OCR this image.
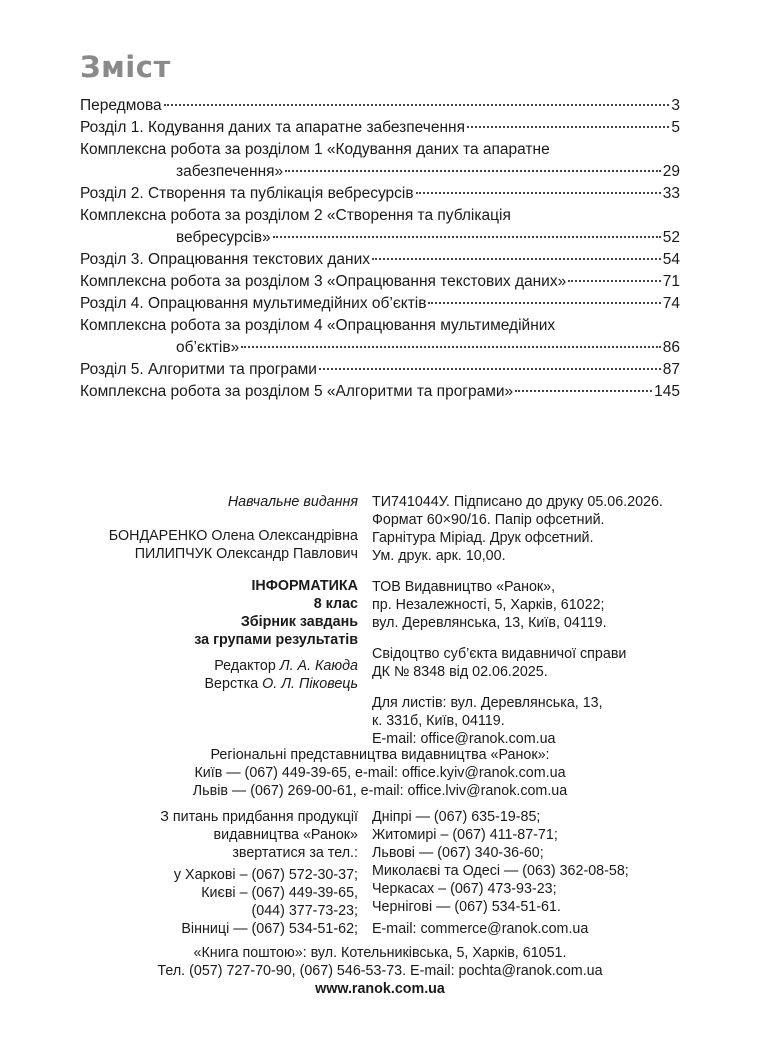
Зміст
Передмова	3
Розділ 1. Кодування даних та апаратне забезпечення	5
Комплексна робота за розділом 1 «Кодування даних та апаратне
забезпечення»	29
Розділ 2. Створення та публікація вебресурсів	33
Комплексна робота за розділом 2 «Створення та публікація
вебресурсів»	52
Розділ 3. Опрацювання текстових даних	54
Комплексна робота за розділом 3 «Опрацювання текстових даних»	71
Розділ 4. Опрацювання мультимедійних об’єктів	74
Комплексна робота за розділом 4 «Опрацювання мультимедійних
об’єктів»	86
Розділ 5. Алгоритми та програми	87
Комплексна робота за розділом 5 «Алгоритми та програми»	145
Навчальне видання
БОНДАРЕНКО Олена Олександрівна
ПИЛИПЧУК Олександр Павлович
ІНФОРМАТИКА
8 клас
Збірник завдань
за групами результатів
Редактор Л. А. Каюда
Верстка О. Л. Піковець
ТИ741044У. Підписано до друку 05.06.2026.
Формат 60×90/16. Папір офсетний.
Гарнітура Міріад. Друк офсетний.
Ум. друк. арк. 10,00.
ТОВ Видавництво «Ранок»,
пр. Незалежності, 5, Харків, 61022;
вул. Деревлянська, 13, Київ, 04119.
Свідоцтво суб’єкта видавничої справи
ДК № 8348 від 02.06.2025.
Для листів: вул. Деревлянська, 13,
к. 331б, Київ, 04119.
E-mail: office@ranok.com.ua
Регіональні представництва видавництва «Ранок»:
Київ — (067) 449-39-65, e-mail: office.kyiv@ranok.com.ua
Львів — (067) 269-00-61, e-mail: office.lviv@ranok.com.ua
З питань придбання продукції
видавництва «Ранок»
звертатися за тел.:
у Харкові – (067) 572-30-37;
Києві – (067) 449-39-65,
(044) 377-73-23;
Вінниці — (067) 534-51-62;
Дніпрі — (067) 635-19-85;
Житомирі – (067) 411-87-71;
Львові — (067) 340-36-60;
Миколаєві та Одесі — (063) 362-08-58;
Черкасах – (067) 473-93-23;
Чернігові — (067) 534-51-61.
E-mail: commerce@ranok.com.ua
«Книга поштою»: вул. Котельниківська, 5, Харків, 61051.
Тел. (057) 727-70-90, (067) 546-53-73. E-mail: pochta@ranok.com.ua
www.ranok.com.ua
